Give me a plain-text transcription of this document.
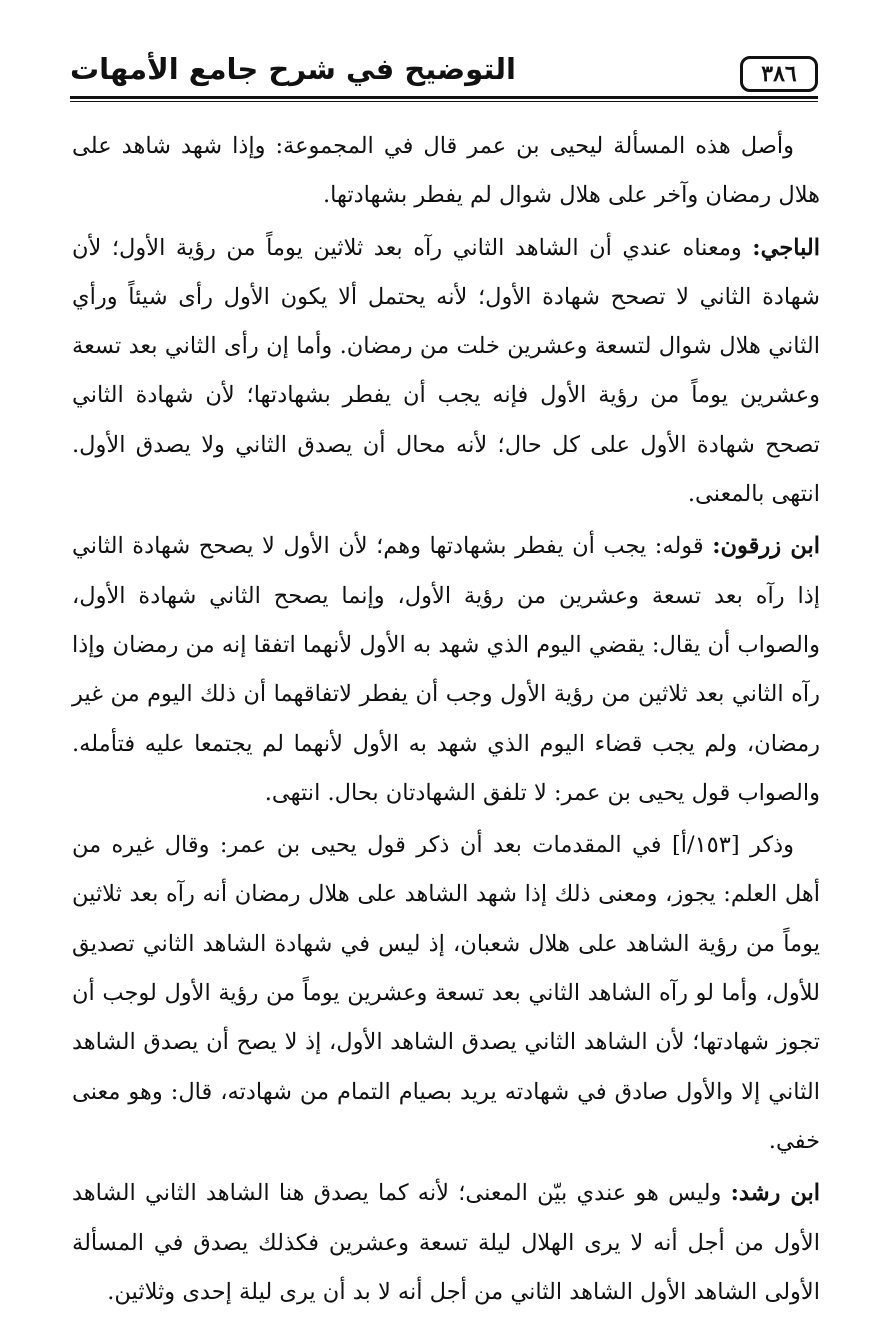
٣٨٦
التوضيح في شرح جامع الأمهات

وأصل هذه المسألة ليحيى بن عمر قال في المجموعة: وإذا شهد شاهد على هلال رمضان وآخر على هلال شوال لم يفطر بشهادتها.

الباجي: ومعناه عندي أن الشاهد الثاني رآه بعد ثلاثين يوماً من رؤية الأول؛ لأن شهادة الثاني لا تصحح شهادة الأول؛ لأنه يحتمل ألا يكون الأول رأى شيئاً ورأي الثاني هلال شوال لتسعة وعشرين خلت من رمضان. وأما إن رأى الثاني بعد تسعة وعشرين يوماً من رؤية الأول فإنه يجب أن يفطر بشهادتها؛ لأن شهادة الثاني تصحح شهادة الأول على كل حال؛ لأنه محال أن يصدق الثاني ولا يصدق الأول. انتهى بالمعنى.

ابن زرقون: قوله: يجب أن يفطر بشهادتها وهم؛ لأن الأول لا يصحح شهادة الثاني إذا رآه بعد تسعة وعشرين من رؤية الأول، وإنما يصحح الثاني شهادة الأول، والصواب أن يقال: يقضي اليوم الذي شهد به الأول لأنهما اتفقا إنه من رمضان وإذا رآه الثاني بعد ثلاثين من رؤية الأول وجب أن يفطر لاتفاقهما أن ذلك اليوم من غير رمضان، ولم يجب قضاء اليوم الذي شهد به الأول لأنهما لم يجتمعا عليه فتأمله. والصواب قول يحيى بن عمر: لا تلفق الشهادتان بحال. انتهى.

وذكر [١٥٣/أ] في المقدمات بعد أن ذكر قول يحيى بن عمر: وقال غيره من أهل العلم: يجوز، ومعنى ذلك إذا شهد الشاهد على هلال رمضان أنه رآه بعد ثلاثين يوماً من رؤية الشاهد على هلال شعبان، إذ ليس في شهادة الشاهد الثاني تصديق للأول، وأما لو رآه الشاهد الثاني بعد تسعة وعشرين يوماً من رؤية الأول لوجب أن تجوز شهادتها؛ لأن الشاهد الثاني يصدق الشاهد الأول، إذ لا يصح أن يصدق الشاهد الثاني إلا والأول صادق في شهادته يريد بصيام التمام من شهادته، قال: وهو معنى خفي.

ابن رشد: وليس هو عندي بيّن المعنى؛ لأنه كما يصدق هنا الشاهد الثاني الشاهد الأول من أجل أنه لا يرى الهلال ليلة تسعة وعشرين فكذلك يصدق في المسألة الأولى الشاهد الأول الشاهد الثاني من أجل أنه لا بد أن يرى ليلة إحدى وثلاثين.
